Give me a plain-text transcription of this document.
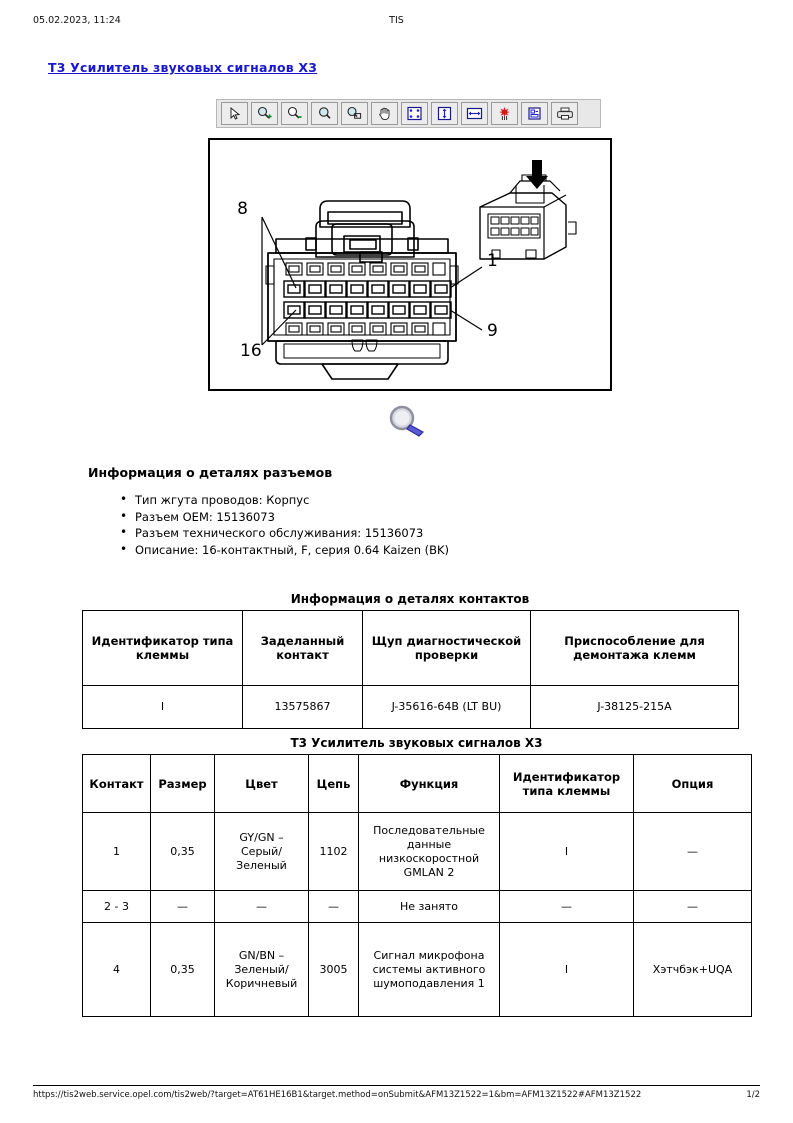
05.02.2023, 11:24	TIS
T3 Усилитель звуковых сигналов X3
8
1
9
16
Информация о деталях разъемов
• Тип жгута проводов: Корпус
• Разъем OEM: 15136073
• Разъем технического обслуживания: 15136073
• Описание: 16-контактный, F, серия 0.64 Kaizen (BK)
Информация о деталях контактов
Идентификатор типа клеммы	Заделанный контакт	Щуп диагностической проверки	Приспособление для демонтажа клемм
I	13575867	J-35616-64B (LT BU)	J-38125-215A
T3 Усилитель звуковых сигналов X3
Контакт	Размер	Цвет	Цепь	Функция	Идентификатор типа клеммы	Опция
1	0,35	GY/GN – Серый/ Зеленый	1102	Последовательные данные низкоскоростной GMLAN 2	I	—
2 - 3	—	—	—	Не занято	—	—
4	0,35	GN/BN – Зеленый/ Коричневый	3005	Сигнал микрофона системы активного шумоподавления 1	I	Хэтчбэк+UQA
https://tis2web.service.opel.com/tis2web/?target=AT61HE16B1&target.method=onSubmit&AFM13Z1522=1&bm=AFM13Z1522#AFM13Z1522	1/2
